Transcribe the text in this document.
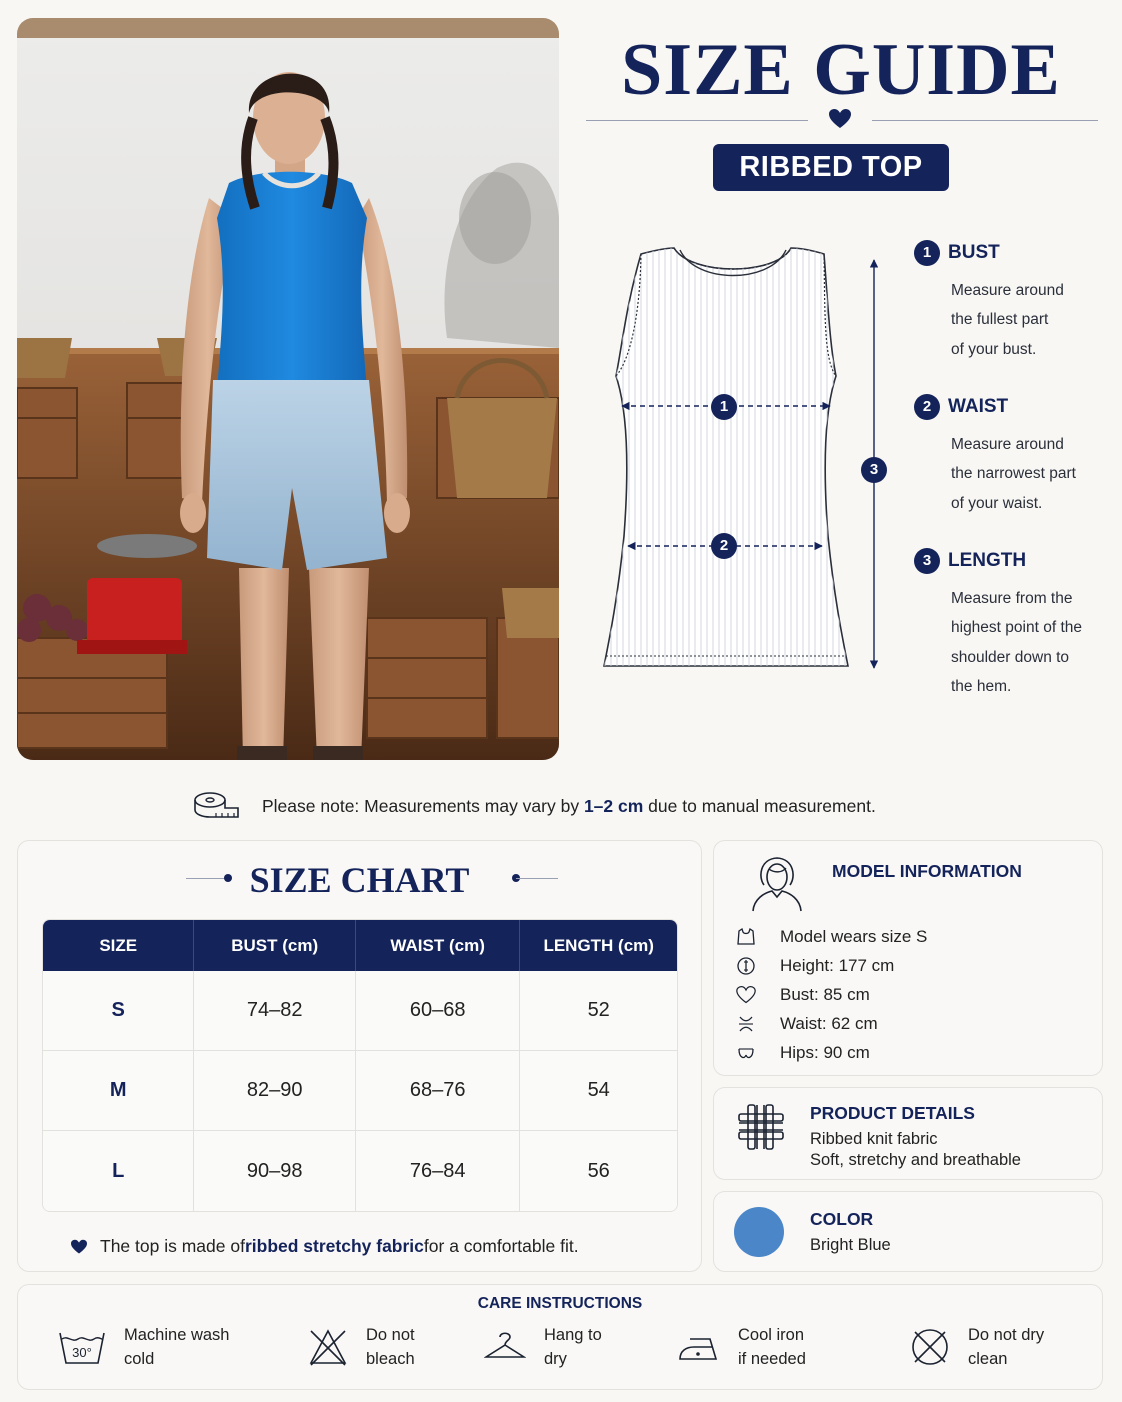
SIZE GUIDE
RIBBED TOP
1
2
3
1 BUST
Measure around
the fullest part
of your bust.
2 WAIST
Measure around
the narrowest part
of your waist.
3 LENGTH
Measure from the
highest point of the
shoulder down to
the hem.
Please note: Measurements may vary by 1–2 cm due to manual measurement.
SIZE CHART
SIZE	BUST (cm)	WAIST (cm)	LENGTH (cm)
S	74–82	60–68	52
M	82–90	68–76	54
L	90–98	76–84	56
The top is made of ribbed stretchy fabric for a comfortable fit.
MODEL INFORMATION
Model wears size S
Height: 177 cm
Bust: 85 cm
Waist: 62 cm
Hips: 90 cm
PRODUCT DETAILS
Ribbed knit fabric
Soft, stretchy and breathable
COLOR
Bright Blue
CARE INSTRUCTIONS
30°
Machine wash
cold
Do not
bleach
Hang to
dry
Cool iron
if needed
Do not dry
clean
